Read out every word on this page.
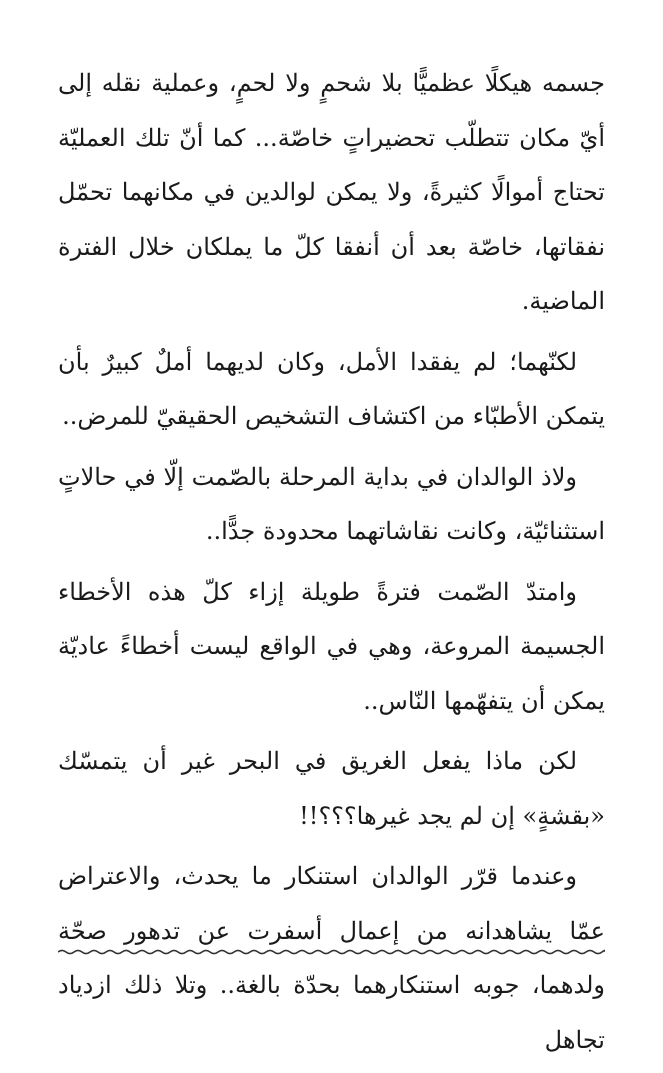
جسمه هيكلًا عظميًّا بلا شحمٍ ولا لحمٍ، وعملية نقله إلى أيّ مكان تتطلّب تحضيراتٍ خاصّة... كما أنّ تلك العمليّة تحتاج أموالًا كثيرةً، ولا يمكن لوالدين في مكانهما تحمّل نفقاتها، خاصّة بعد أن أنفقا كلّ ما يملكان خلال الفترة الماضية.

لكنّهما؛ لم يفقدا الأمل، وكان لديهما أملٌ كبيرٌ بأن يتمكن الأطبّاء من اكتشاف التشخيص الحقيقيّ للمرض..

ولاذ الوالدان في بداية المرحلة بالصّمت إلّا في حالاتٍ استثنائيّة، وكانت نقاشاتهما محدودة جدًّا..

وامتدّ الصّمت فترةً طويلة إزاء كلّ هذه الأخطاء الجسيمة المروعة، وهي في الواقع ليست أخطاءً عاديّة يمكن أن يتفهّمها النّاس..

لكن ماذا يفعل الغريق في البحر غير أن يتمسّك «بقشةٍ» إن لم يجد غيرها؟؟؟!!

وعندما قرّر الوالدان استنكار ما يحدث، والاعتراض عمّا يشاهدانه من إعمال أسفرت عن تدهور صحّة ولدهما، جوبه استنكارهما بحدّة بالغة.. وتلا ذلك ازدياد تجاهل
